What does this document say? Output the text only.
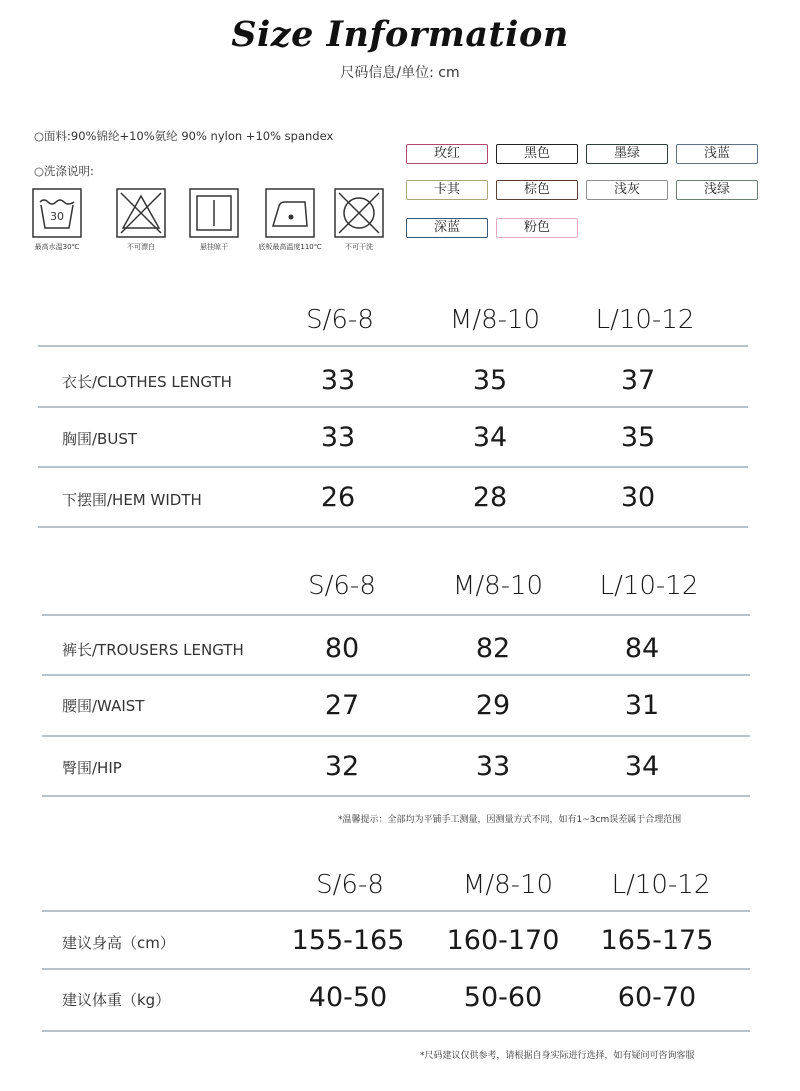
Size Information
尺码信息/单位: cm
○面料:90%锦纶+10%氨纶 90% nylon +10% spandex
○洗涤说明:
30
最高水温30℃	不可漂白	悬挂晾干	底板最高温度110℃	不可干洗
玫红	黑色	墨绿	浅蓝
卡其	棕色	浅灰	浅绿
深蓝	粉色
S/6-8	M/8-10	L/10-12
衣长/CLOTHES LENGTH	33	35	37
胸围/BUST	33	34	35
下摆围/HEM WIDTH	26	28	30
S/6-8	M/8-10	L/10-12
裤长/TROUSERS LENGTH	80	82	84
腰围/WAIST	27	29	31
臀围/HIP	32	33	34
*温馨提示：全部均为平铺手工测量，因测量方式不同，如有1~3cm误差属于合理范围
S/6-8	M/8-10	L/10-12
建议身高（cm）	155-165	160-170	165-175
建议体重（kg）	40-50	50-60	60-70
*尺码建议仅供参考，请根据自身实际进行选择，如有疑问可咨询客服
